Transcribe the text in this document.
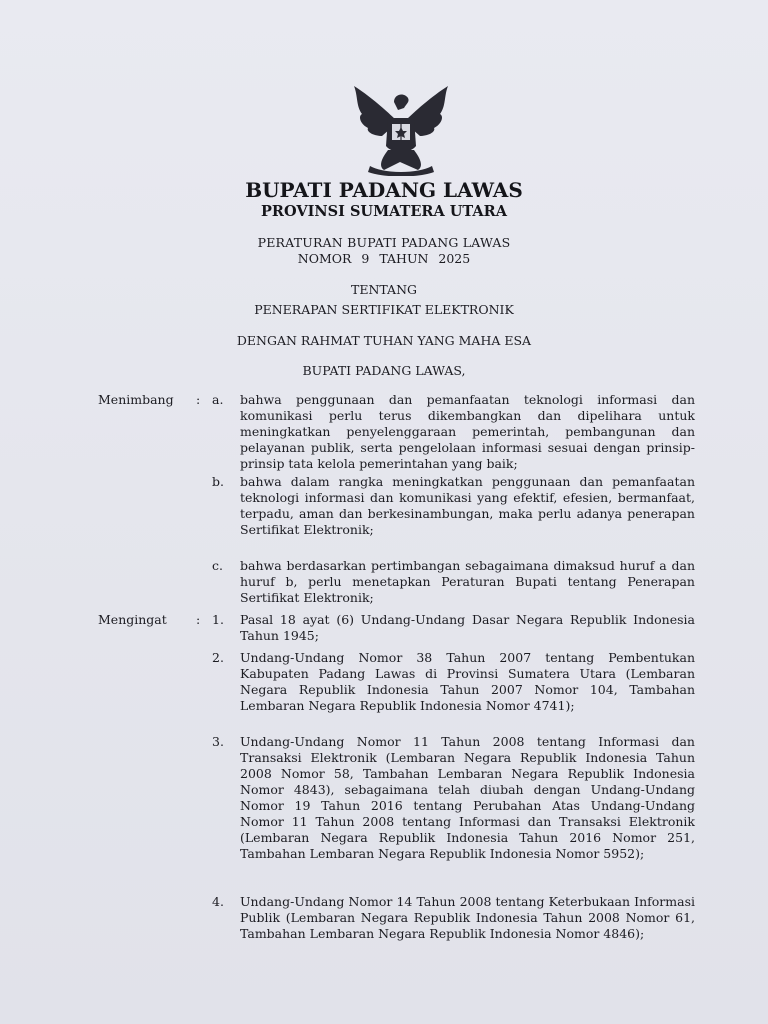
BUPATI PADANG LAWAS
PROVINSI SUMATERA UTARA
PERATURAN BUPATI PADANG LAWAS
NOMOR 9 TAHUN 2025
TENTANG
PENERAPAN SERTIFIKAT ELEKTRONIK
DENGAN RAHMAT TUHAN YANG MAHA ESA
BUPATI PADANG LAWAS,
Menimbang : a.	bahwa penggunaan dan pemanfaatan teknologi informasi dan komunikasi perlu terus dikembangkan dan dipelihara untuk meningkatkan penyelenggaraan pemerintah, pembangunan dan pelayanan publik, serta pengelolaan informasi sesuai dengan prinsip-prinsip tata kelola pemerintahan yang baik;
b.	bahwa dalam rangka meningkatkan penggunaan dan pemanfaatan teknologi informasi dan komunikasi yang efektif, efesien, bermanfaat, terpadu, aman dan berkesinambungan, maka perlu adanya penerapan Sertifikat Elektronik;
c.	bahwa berdasarkan pertimbangan sebagaimana dimaksud huruf a dan huruf b, perlu menetapkan Peraturan Bupati tentang Penerapan Sertifikat Elektronik;
Mengingat : 1.	Pasal 18 ayat (6) Undang-Undang Dasar Negara Republik Indonesia Tahun 1945;
2.	Undang-Undang Nomor 38 Tahun 2007 tentang Pembentukan Kabupaten Padang Lawas di Provinsi Sumatera Utara (Lembaran Negara Republik Indonesia Tahun 2007 Nomor 104, Tambahan Lembaran Negara Republik Indonesia Nomor 4741);
3.	Undang-Undang Nomor 11 Tahun 2008 tentang Informasi dan Transaksi Elektronik (Lembaran Negara Republik Indonesia Tahun 2008 Nomor 58, Tambahan Lembaran Negara Republik Indonesia Nomor 4843), sebagaimana telah diubah dengan Undang-Undang Nomor 19 Tahun 2016 tentang Perubahan Atas Undang-Undang Nomor 11 Tahun 2008 tentang Informasi dan Transaksi Elektronik (Lembaran Negara Republik Indonesia Tahun 2016 Nomor 251, Tambahan Lembaran Negara Republik Indonesia Nomor 5952);
4.	Undang-Undang Nomor 14 Tahun 2008 tentang Keterbukaan Informasi Publik (Lembaran Negara Republik Indonesia Tahun 2008 Nomor 61, Tambahan Lembaran Negara Republik Indonesia Nomor 4846);
